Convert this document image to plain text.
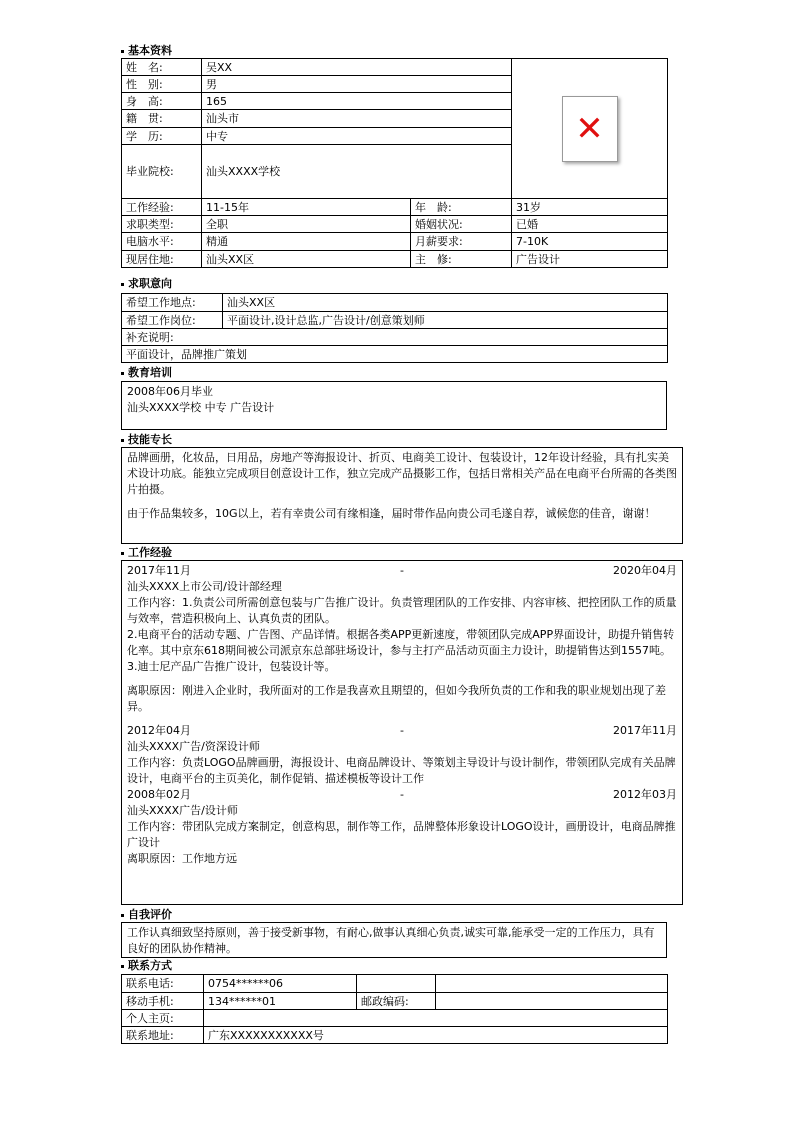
基本资料
姓　名:	吴XX		✕

性　别:	男		
身　高:	165		
籍　贯:	汕头市		
学　历:	中专		
毕业院校:	汕头XXXX学校		
工作经验:	11-15年	年　龄:	31岁
求职类型:	全职	婚姻状况:	已婚
电脑水平:	精通	月薪要求:	7-10K
现居住地:	汕头XX区	主　修:	广告设计
求职意向
希望工作地点:	汕头XX区
希望工作岗位:	平面设计,设计总监,广告设计/创意策划师
补充说明:	
平面设计，品牌推广策划	
教育培训

2008年06月毕业

汕头XXXX学校 中专 广告设计

技能专长

品牌画册，化妆品，日用品，房地产等海报设计、折页、电商美工设计、包装设计，12年设计经验，具有扎实美术设计功底。能独立完成项目创意设计工作，独立完成产品摄影工作，包括日常相关产品在电商平台所需的各类图片拍摄。

由于作品集较多，10G以上，若有幸贵公司有缘相逢，届时带作品向贵公司毛遂自荐，诚候您的佳音，谢谢！

工作经验
2017年11月	-	2020年04月

汕头XXXX上市公司/设计部经理

工作内容：1.负责公司所需创意包装与广告推广设计。负责管理团队的工作安排、内容审核、把控团队工作的质量与效率，营造积极向上、认真负责的团队。

2.电商平台的活动专题、广告图、产品详情。根据各类APP更新速度，带领团队完成APP界面设计，助提升销售转化率。其中京东618期间被公司派京东总部驻场设计，参与主打产品活动页面主力设计，助提销售达到1557吨。

3.迪士尼产品广告推广设计，包装设计等。

离职原因：刚进入企业时，我所面对的工作是我喜欢且期望的，但如今我所负责的工作和我的职业规划出现了差异。

2012年04月	-	2017年11月

汕头XXXX广告/资深设计师

工作内容：负责LOGO品牌画册，海报设计、电商品牌设计、等策划主导设计与设计制作，带领团队完成有关品牌设计，电商平台的主页美化，制作促销、描述模板等设计工作

2008年02月	-	2012年03月

汕头XXXX广告/设计师

工作内容：带团队完成方案制定，创意构思，制作等工作，品牌整体形象设计LOGO设计，画册设计，电商品牌推广设计

离职原因：工作地方远

自我评价

工作认真细致坚持原则，善于接受新事物，有耐心,做事认真细心负责,诚实可靠,能承受一定的工作压力，具有良好的团队协作精神。

联系方式
联系电话:	0754******06		
移动手机:	134******01	邮政编码:	
个人主页:			
联系地址:	广东XXXXXXXXXXX号		
